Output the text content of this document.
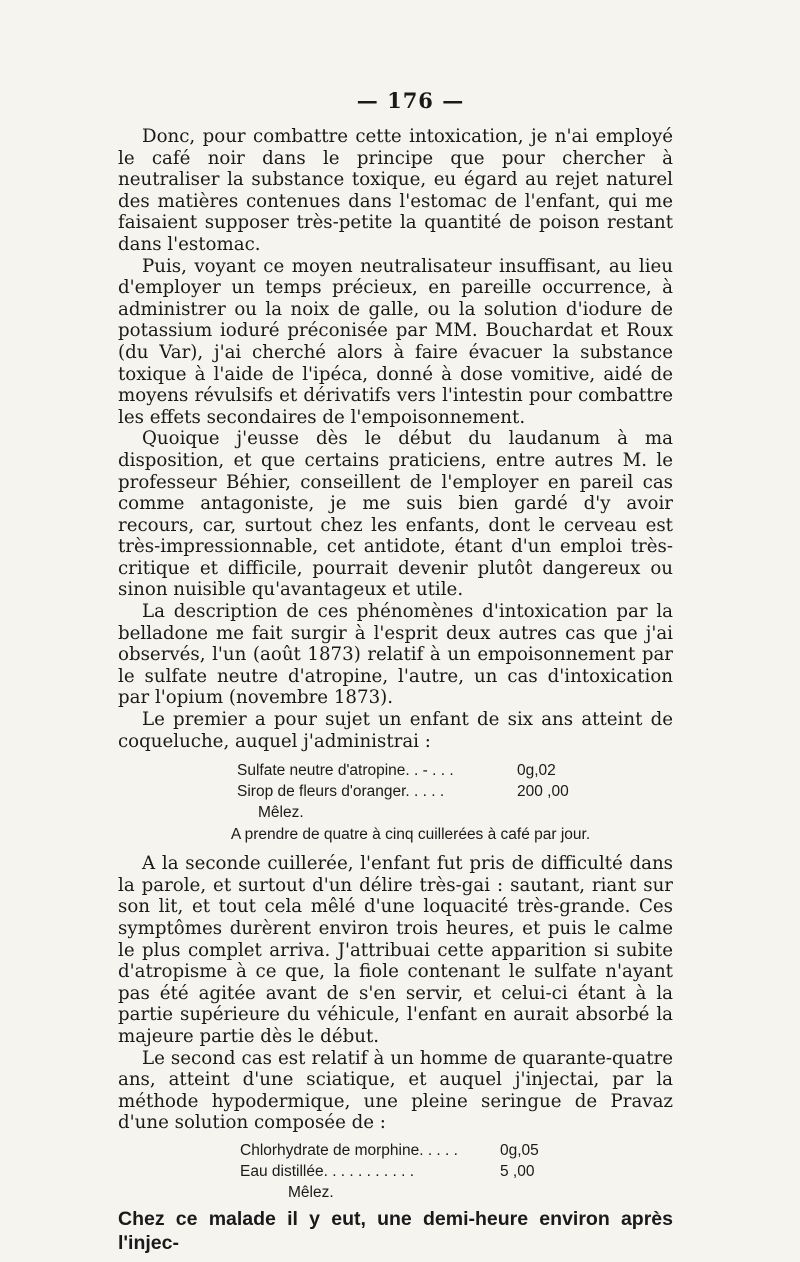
— 176 —

Donc, pour combattre cette intoxication, je n'ai employé le café noir dans le principe que pour chercher à neutraliser la substance toxique, eu égard au rejet naturel des matières contenues dans l'estomac de l'enfant, qui me faisaient supposer très-petite la quantité de poison restant dans l'estomac.

Puis, voyant ce moyen neutralisateur insuffisant, au lieu d'employer un temps précieux, en pareille occurrence, à administrer ou la noix de galle, ou la solution d'iodure de potassium ioduré préconisée par MM. Bouchardat et Roux (du Var), j'ai cherché alors à faire évacuer la substance toxique à l'aide de l'ipéca, donné à dose vomitive, aidé de moyens révulsifs et dérivatifs vers l'intestin pour combattre les effets secondaires de l'empoisonnement.

Quoique j'eusse dès le début du laudanum à ma disposition, et que certains praticiens, entre autres M. le professeur Béhier, conseillent de l'employer en pareil cas comme antagoniste, je me suis bien gardé d'y avoir recours, car, surtout chez les enfants, dont le cerveau est très-impressionnable, cet antidote, étant d'un emploi très-critique et difficile, pourrait devenir plutôt dangereux ou sinon nuisible qu'avantageux et utile.

La description de ces phénomènes d'intoxication par la belladone me fait surgir à l'esprit deux autres cas que j'ai observés, l'un (août 1873) relatif à un empoisonnement par le sulfate neutre d'atropine, l'autre, un cas d'intoxication par l'opium (novembre 1873).

Le premier a pour sujet un enfant de six ans atteint de coqueluche, auquel j'administrai :

Sulfate neutre d'atropine. . - . . .	0g,02
Sirop de fleurs d'oranger. . . . .	200 ,00
Mêlez.
A prendre de quatre à cinq cuillerées à café par jour.

A la seconde cuillerée, l'enfant fut pris de difficulté dans la parole, et surtout d'un délire très-gai : sautant, riant sur son lit, et tout cela mêlé d'une loquacité très-grande. Ces symptômes durèrent environ trois heures, et puis le calme le plus complet arriva. J'attribuai cette apparition si subite d'atropisme à ce que, la fiole contenant le sulfate n'ayant pas été agitée avant de s'en servir, et celui-ci étant à la partie supérieure du véhicule, l'enfant en aurait absorbé la majeure partie dès le début.

Le second cas est relatif à un homme de quarante-quatre ans, atteint d'une sciatique, et auquel j'injectai, par la méthode hypodermique, une pleine seringue de Pravaz d'une solution composée de :

Chlorhydrate de morphine. . . . .	0g,05
Eau distillée. . . . . . . . . . .	5 ,00
Mêlez.
Chez ce malade il y eut, une demi-heure environ après l'injec-
